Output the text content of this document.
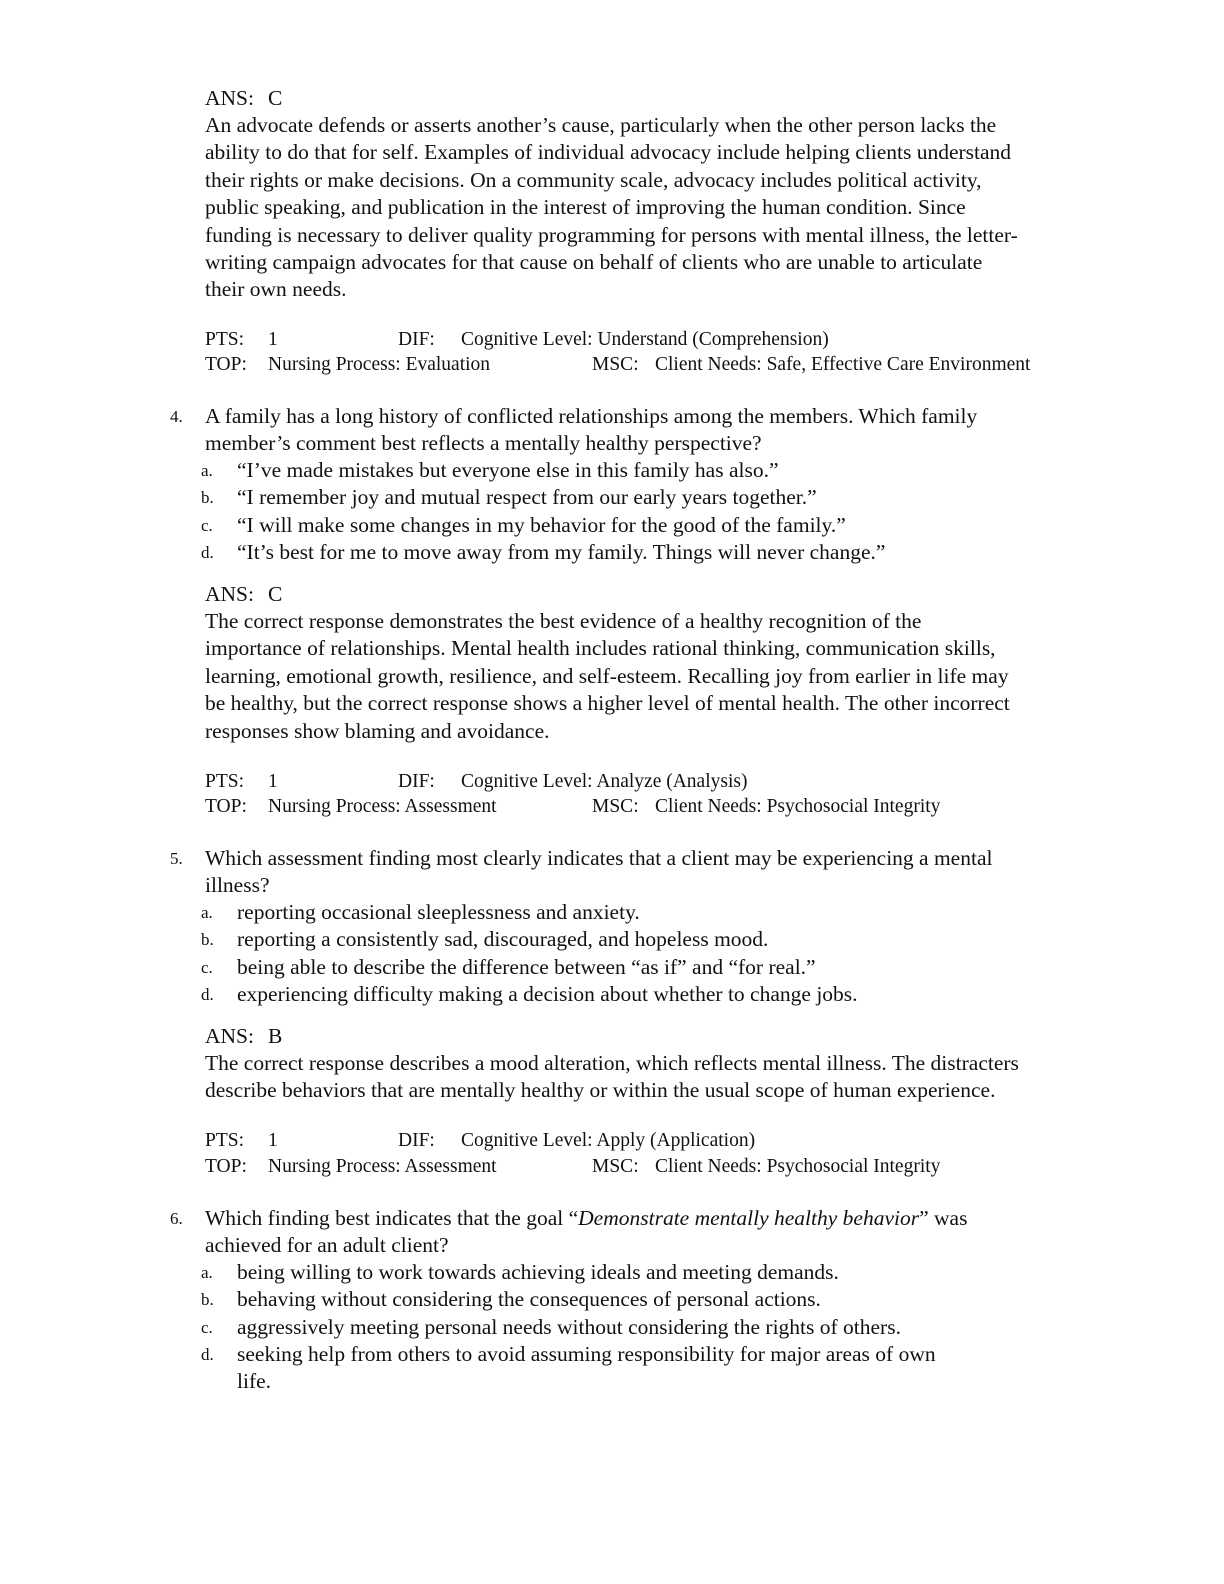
ANS: C
An advocate defends or asserts another’s cause, particularly when the other person lacks the
ability to do that for self. Examples of individual advocacy include helping clients understand
their rights or make decisions. On a community scale, advocacy includes political activity,
public speaking, and publication in the interest of improving the human condition. Since
funding is necessary to deliver quality programming for persons with mental illness, the letter-
writing campaign advocates for that cause on behalf of clients who are unable to articulate
their own needs.
PTS: 1	DIF: Cognitive Level: Understand (Comprehension)
TOP: Nursing Process: Evaluation	MSC: Client Needs: Safe, Effective Care Environment
4. A family has a long history of conflicted relationships among the members. Which family
member’s comment best reflects a mentally healthy perspective?
a. “I’ve made mistakes but everyone else in this family has also.”
b. “I remember joy and mutual respect from our early years together.”
c. “I will make some changes in my behavior for the good of the family.”
d. “It’s best for me to move away from my family. Things will never change.”
ANS: C
The correct response demonstrates the best evidence of a healthy recognition of the
importance of relationships. Mental health includes rational thinking, communication skills,
learning, emotional growth, resilience, and self-esteem. Recalling joy from earlier in life may
be healthy, but the correct response shows a higher level of mental health. The other incorrect
responses show blaming and avoidance.
PTS: 1	DIF: Cognitive Level: Analyze (Analysis)
TOP: Nursing Process: Assessment	MSC: Client Needs: Psychosocial Integrity
5. Which assessment finding most clearly indicates that a client may be experiencing a mental
illness?
a. reporting occasional sleeplessness and anxiety.
b. reporting a consistently sad, discouraged, and hopeless mood.
c. being able to describe the difference between “as if” and “for real.”
d. experiencing difficulty making a decision about whether to change jobs.
ANS: B
The correct response describes a mood alteration, which reflects mental illness. The distracters
describe behaviors that are mentally healthy or within the usual scope of human experience.
PTS: 1	DIF: Cognitive Level: Apply (Application)
TOP: Nursing Process: Assessment	MSC: Client Needs: Psychosocial Integrity
6. Which finding best indicates that the goal “Demonstrate mentally healthy behavior” was
achieved for an adult client?
a. being willing to work towards achieving ideals and meeting demands.
b. behaving without considering the consequences of personal actions.
c. aggressively meeting personal needs without considering the rights of others.
d. seeking help from others to avoid assuming responsibility for major areas of own
life.
